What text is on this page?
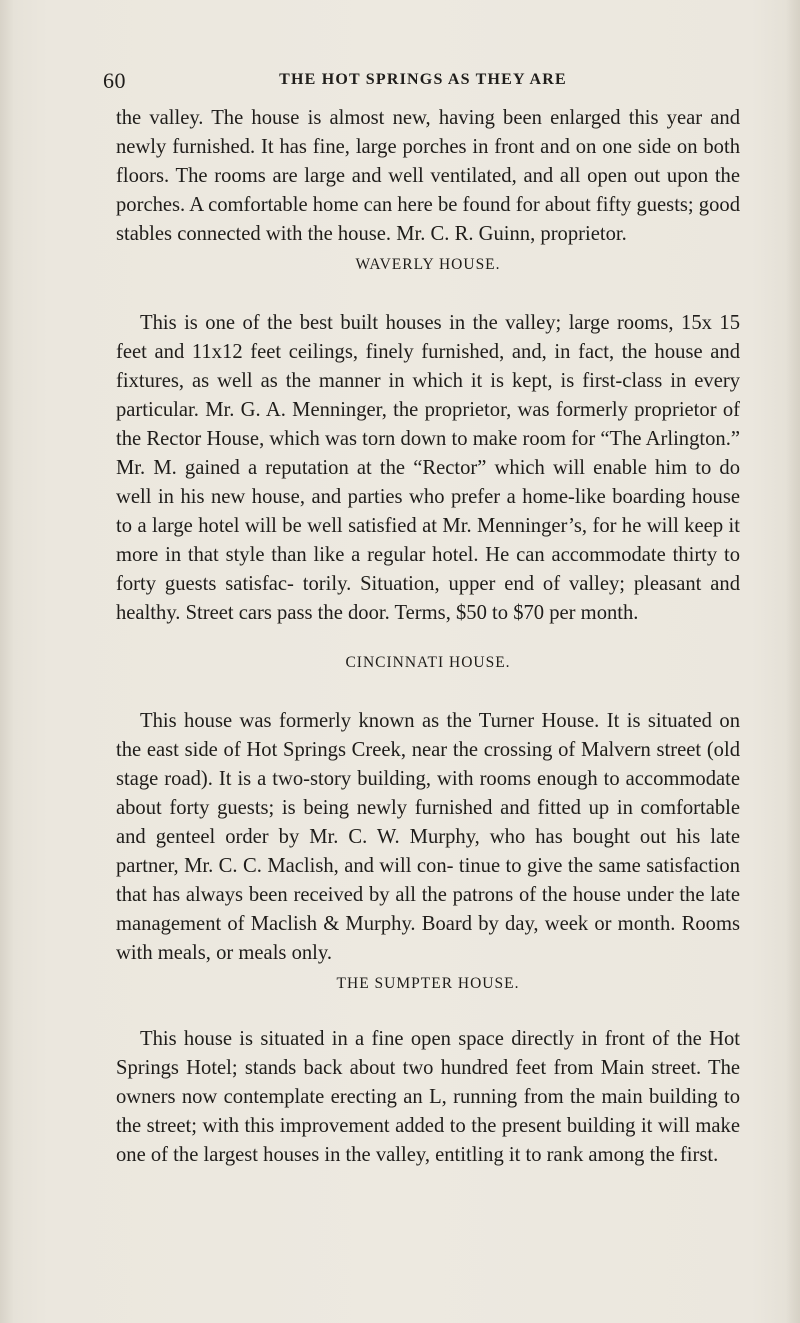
60	THE HOT SPRINGS AS THEY ARE

the valley. The house is almost new, having been enlarged this year and newly furnished. It has fine, large porches in front and on one side on both floors. The rooms are large and well ventilated, and all open out upon the porches. A comfortable home can here be found for about fifty guests; good stables connected with the house. Mr. C. R. Guinn, proprietor.

WAVERLY HOUSE.

This is one of the best built houses in the valley; large rooms, 15x 15 feet and 11x12 feet ceilings, finely furnished, and, in fact, the house and fixtures, as well as the manner in which it is kept, is first-class in every particular. Mr. G. A. Menninger, the proprietor, was formerly proprietor of the Rector House, which was torn down to make room for “The Arlington.” Mr. M. gained a reputation at the “Rector” which will enable him to do well in his new house, and parties who prefer a home-like boarding house to a large hotel will be well satisfied at Mr. Menninger’s, for he will keep it more in that style than like a regular hotel. He can accommodate thirty to forty guests satisfac- torily. Situation, upper end of valley; pleasant and healthy. Street cars pass the door. Terms, $50 to $70 per month.

CINCINNATI HOUSE.

This house was formerly known as the Turner House. It is situated on the east side of Hot Springs Creek, near the crossing of Malvern street (old stage road). It is a two-story building, with rooms enough to accommodate about forty guests; is being newly furnished and fitted up in comfortable and genteel order by Mr. C. W. Murphy, who has bought out his late partner, Mr. C. C. Maclish, and will con- tinue to give the same satisfaction that has always been received by all the patrons of the house under the late management of Maclish & Murphy. Board by day, week or month. Rooms with meals, or meals only.

THE SUMPTER HOUSE.

This house is situated in a fine open space directly in front of the Hot Springs Hotel; stands back about two hundred feet from Main street. The owners now contemplate erecting an L, running from the main building to the street; with this improvement added to the present building it will make one of the largest houses in the valley, entitling it to rank among the first.
